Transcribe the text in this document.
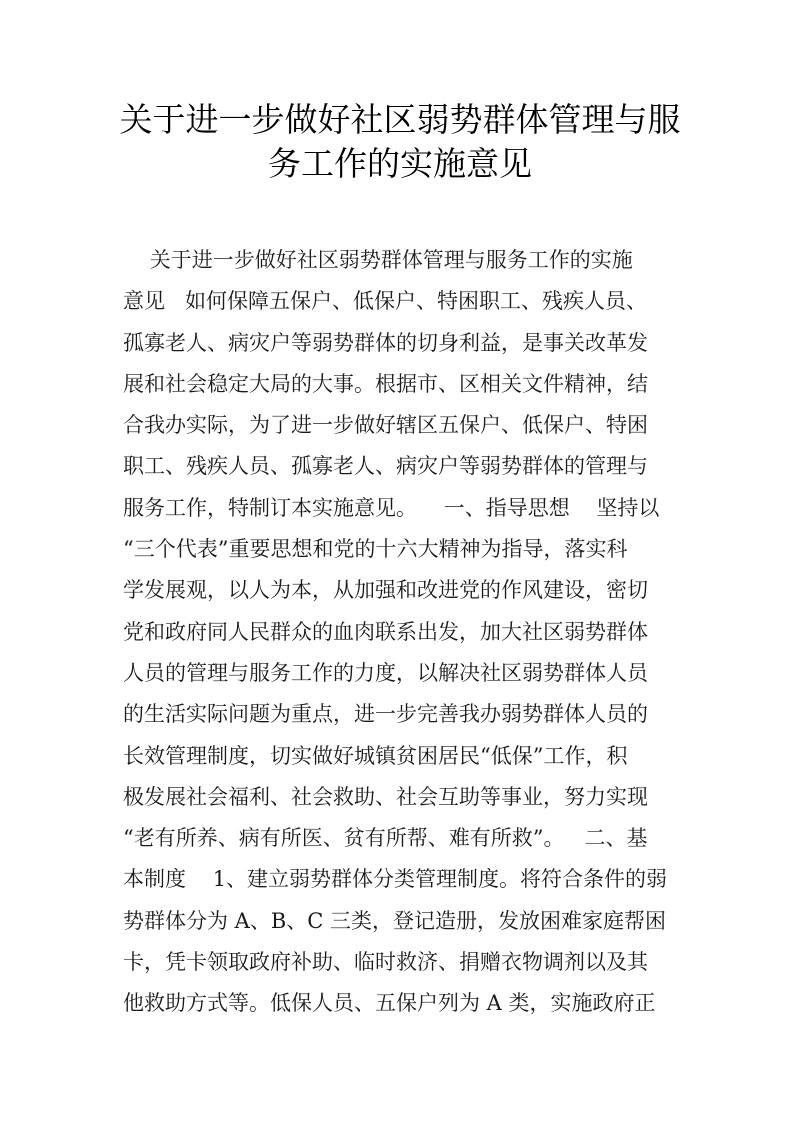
关于进一步做好社区弱势群体管理与服
务工作的实施意见
关于进一步做好社区弱势群体管理与服务工作的实施
意见   如何保障五保户、低保户、特困职工、残疾人员、
孤寡老人、病灾户等弱势群体的切身利益，是事关改革发
展和社会稳定大局的大事。根据市、区相关文件精神，结
合我办实际，为了进一步做好辖区五保户、低保户、特困
职工、残疾人员、孤寡老人、病灾户等弱势群体的管理与
服务工作，特制订本实施意见。    一、指导思想    坚持以
“三个代表”重要思想和党的十六大精神为指导，落实科
学发展观，以人为本，从加强和改进党的作风建设，密切
党和政府同人民群众的血肉联系出发，加大社区弱势群体
人员的管理与服务工作的力度，以解决社区弱势群体人员
的生活实际问题为重点，进一步完善我办弱势群体人员的
长效管理制度，切实做好城镇贫困居民“低保”工作，积
极发展社会福利、社会救助、社会互助等事业，努力实现
“老有所养、病有所医、贫有所帮、难有所救”。   二、基
本制度    1、建立弱势群体分类管理制度。将符合条件的弱
势群体分为 A、B、C 三类，登记造册，发放困难家庭帮困
卡，凭卡领取政府补助、临时救济、捐赠衣物调剂以及其
他救助方式等。低保人员、五保户列为 A 类，实施政府正
